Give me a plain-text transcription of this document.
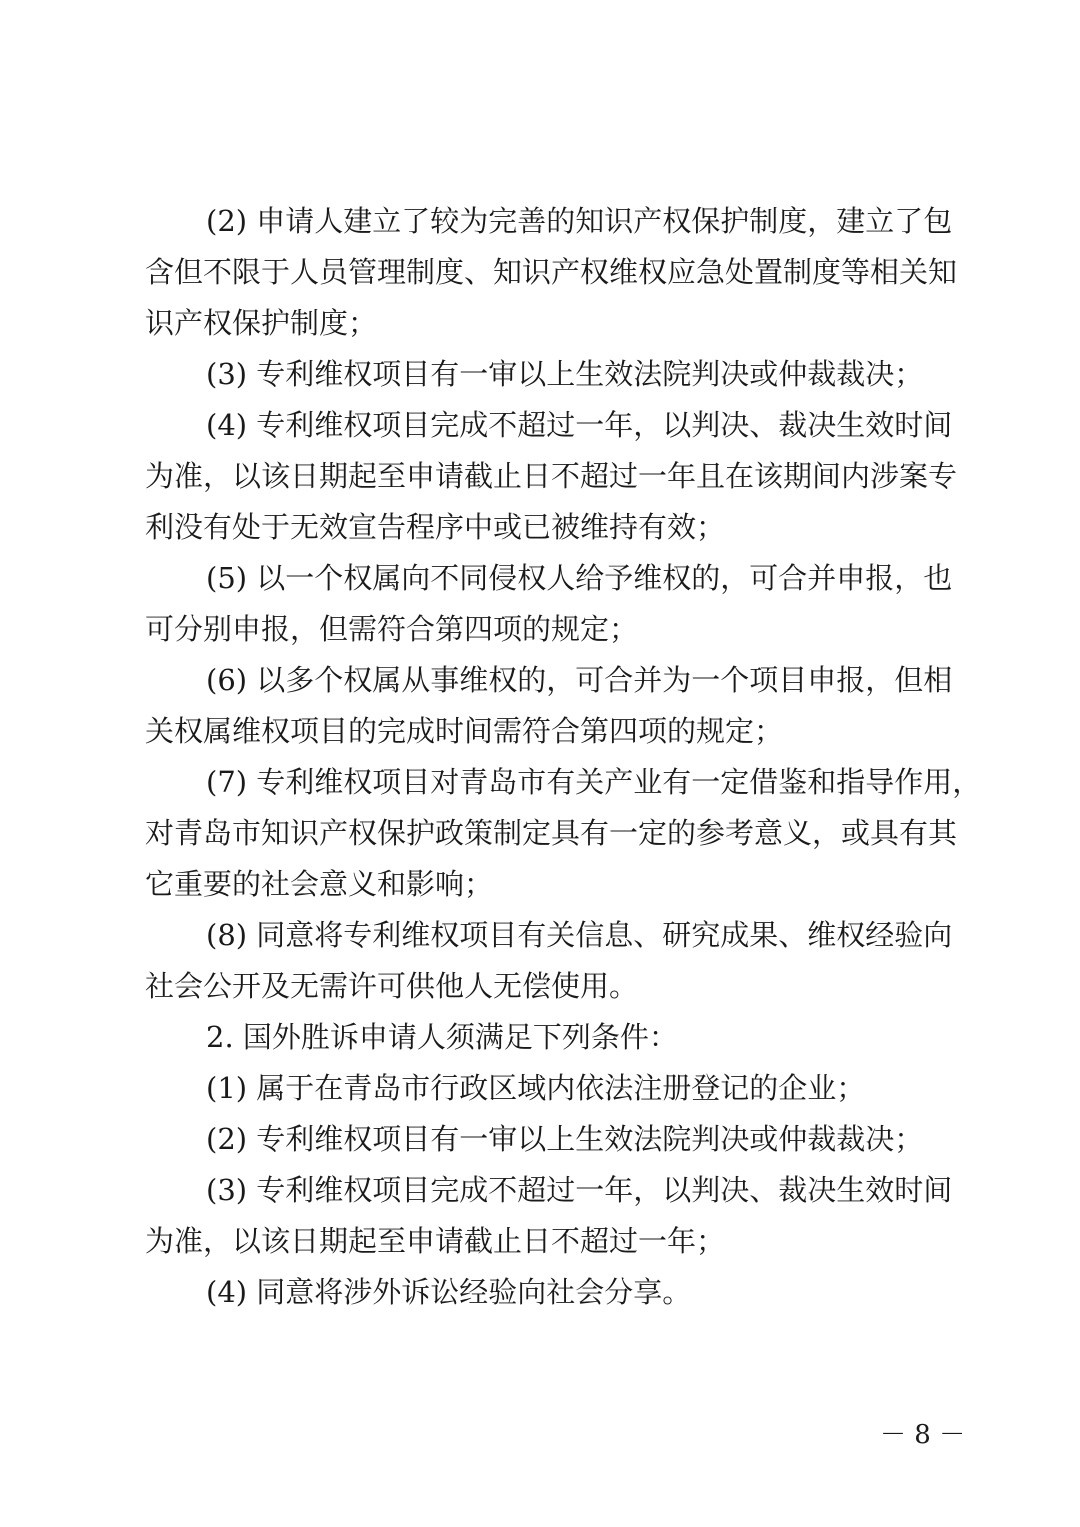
(2) 申请人建立了较为完善的知识产权保护制度，建立了包
含但不限于人员管理制度、知识产权维权应急处置制度等相关知
识产权保护制度；
(3) 专利维权项目有一审以上生效法院判决或仲裁裁决；
(4) 专利维权项目完成不超过一年，以判决、裁决生效时间
为准，以该日期起至申请截止日不超过一年且在该期间内涉案专
利没有处于无效宣告程序中或已被维持有效；
(5) 以一个权属向不同侵权人给予维权的，可合并申报，也
可分别申报，但需符合第四项的规定；
(6) 以多个权属从事维权的，可合并为一个项目申报，但相
关权属维权项目的完成时间需符合第四项的规定；
(7) 专利维权项目对青岛市有关产业有一定借鉴和指导作用，
对青岛市知识产权保护政策制定具有一定的参考意义，或具有其
它重要的社会意义和影响；
(8) 同意将专利维权项目有关信息、研究成果、维权经验向
社会公开及无需许可供他人无偿使用。
2. 国外胜诉申请人须满足下列条件：
(1) 属于在青岛市行政区域内依法注册登记的企业；
(2) 专利维权项目有一审以上生效法院判决或仲裁裁决；
(3) 专利维权项目完成不超过一年，以判决、裁决生效时间
为准，以该日期起至申请截止日不超过一年；
(4) 同意将涉外诉讼经验向社会分享。
－ 8 －
